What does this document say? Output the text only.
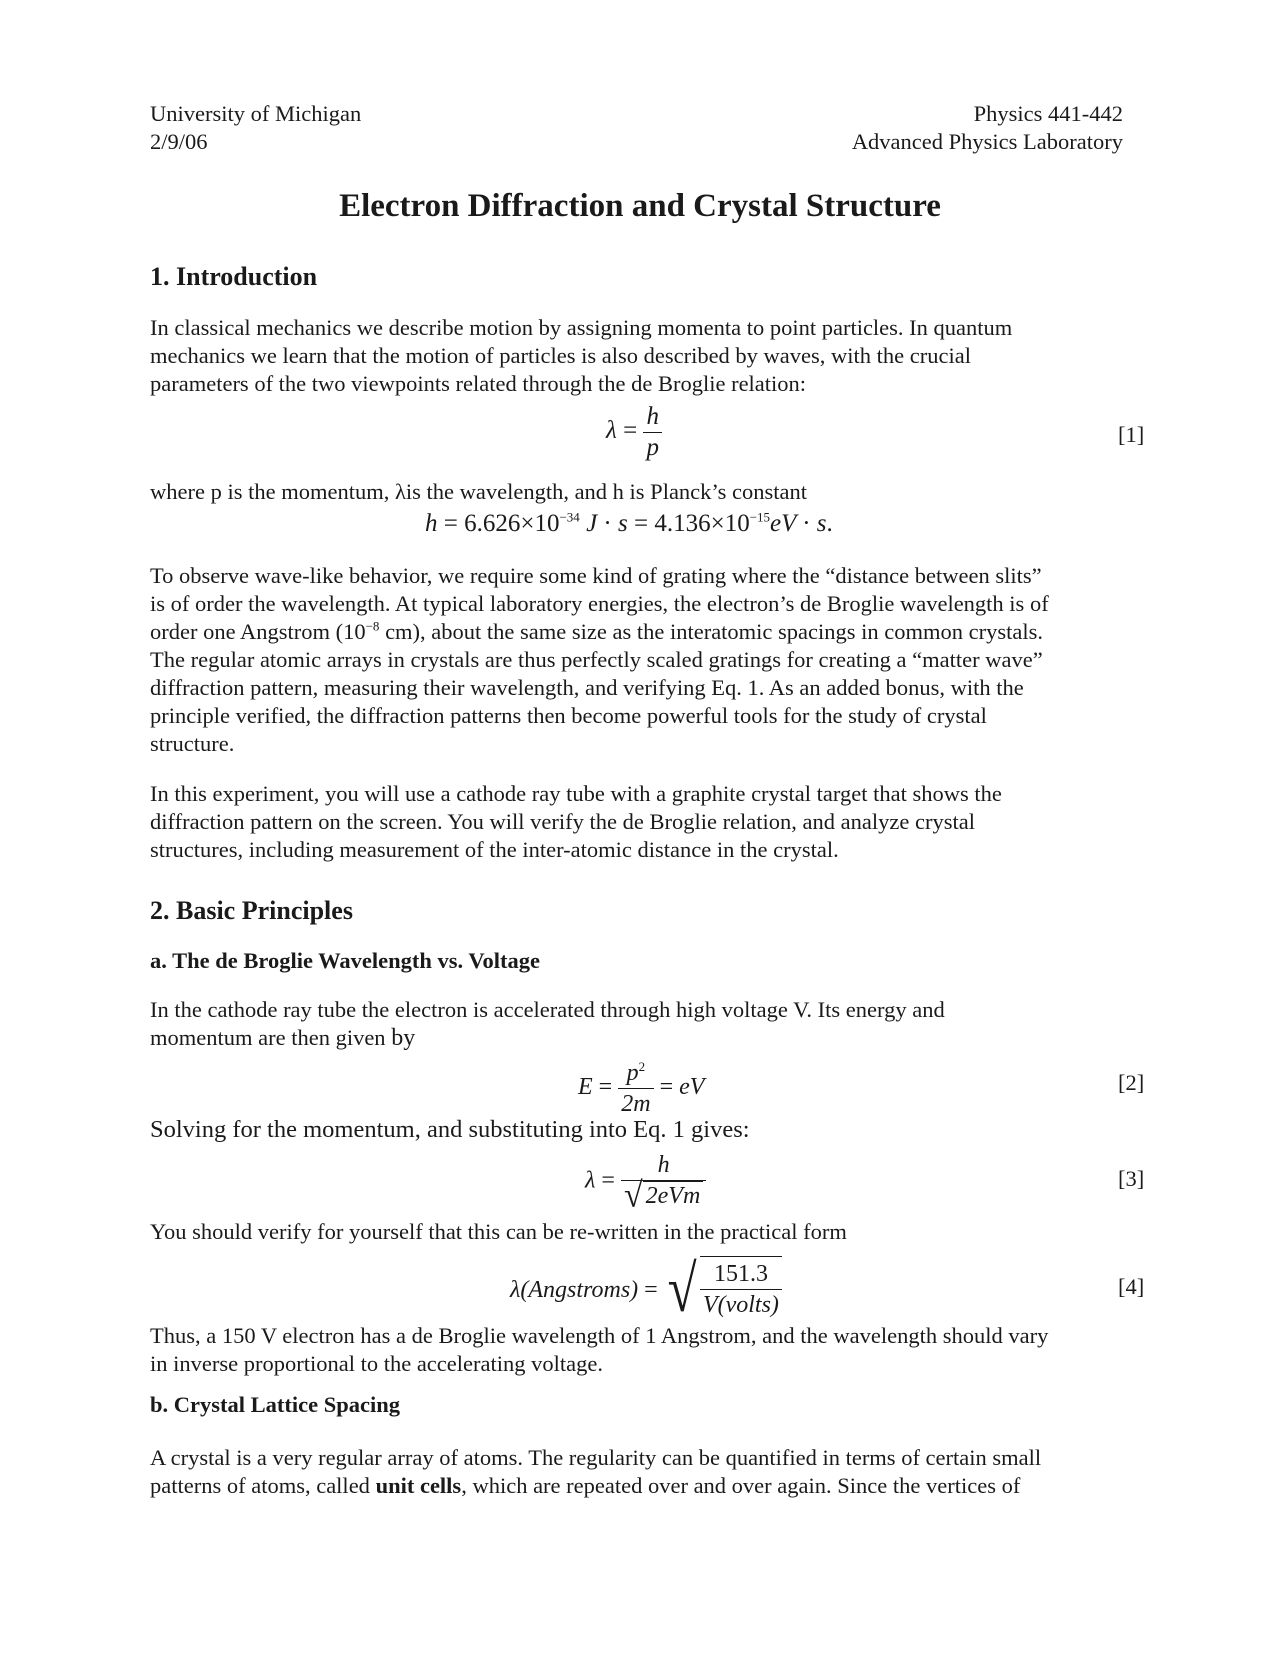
University of Michigan
2/9/06
Physics 441-442
Advanced Physics Laboratory
Electron Diffraction and Crystal Structure
1. Introduction
In classical mechanics we describe motion by assigning momenta to point particles. In quantum
mechanics we learn that the motion of particles is also described by waves, with the crucial
parameters of the two viewpoints related through the de Broglie relation:
$\lambda = \frac{h}{p}$	[1]
where p is the momentum, λis the wavelength, and h is Planck’s constant
$h = 6.626\times 10^{-34}$ $J \cdot s = 4.136\times 10^{-15}eV \cdot s$.
To observe wave-like behavior, we require some kind of grating where the “distance between slits”
is of order the wavelength. At typical laboratory energies, the electron’s de Broglie wavelength is of
order one Angstrom ($10^{-8}$ cm), about the same size as the interatomic spacings in common crystals.
The regular atomic arrays in crystals are thus perfectly scaled gratings for creating a “matter wave”
diffraction pattern, measuring their wavelength, and verifying Eq. 1. As an added bonus, with the
principle verified, the diffraction patterns then become powerful tools for the study of crystal
structure.
In this experiment, you will use a cathode ray tube with a graphite crystal target that shows the
diffraction pattern on the screen. You will verify the de Broglie relation, and analyze crystal
structures, including measurement of the inter-atomic distance in the crystal.
2. Basic Principles
a. The de Broglie Wavelength vs. Voltage
In the cathode ray tube the electron is accelerated through high voltage V. Its energy and
momentum are then given by
$E = \frac{p^2}{2m}$ = eV	[2]
Solving for the momentum, and substituting into Eq. 1 gives:
$\lambda = \frac{h}{\text{√ 2eVm}}$	[3]
You should verify for yourself that this can be re-written in the practical form
λ(Angstroms) = √ $\frac{151.3}{\text{V(volts)}}$	[4]
Thus, a 150 V electron has a de Broglie wavelength of 1 Angstrom, and the wavelength should vary
in inverse proportional to the accelerating voltage.
b. Crystal Lattice Spacing
A crystal is a very regular array of atoms. The regularity can be quantified in terms of certain small
patterns of atoms, called unit cells, which are repeated over and over again. Since the vertices of
